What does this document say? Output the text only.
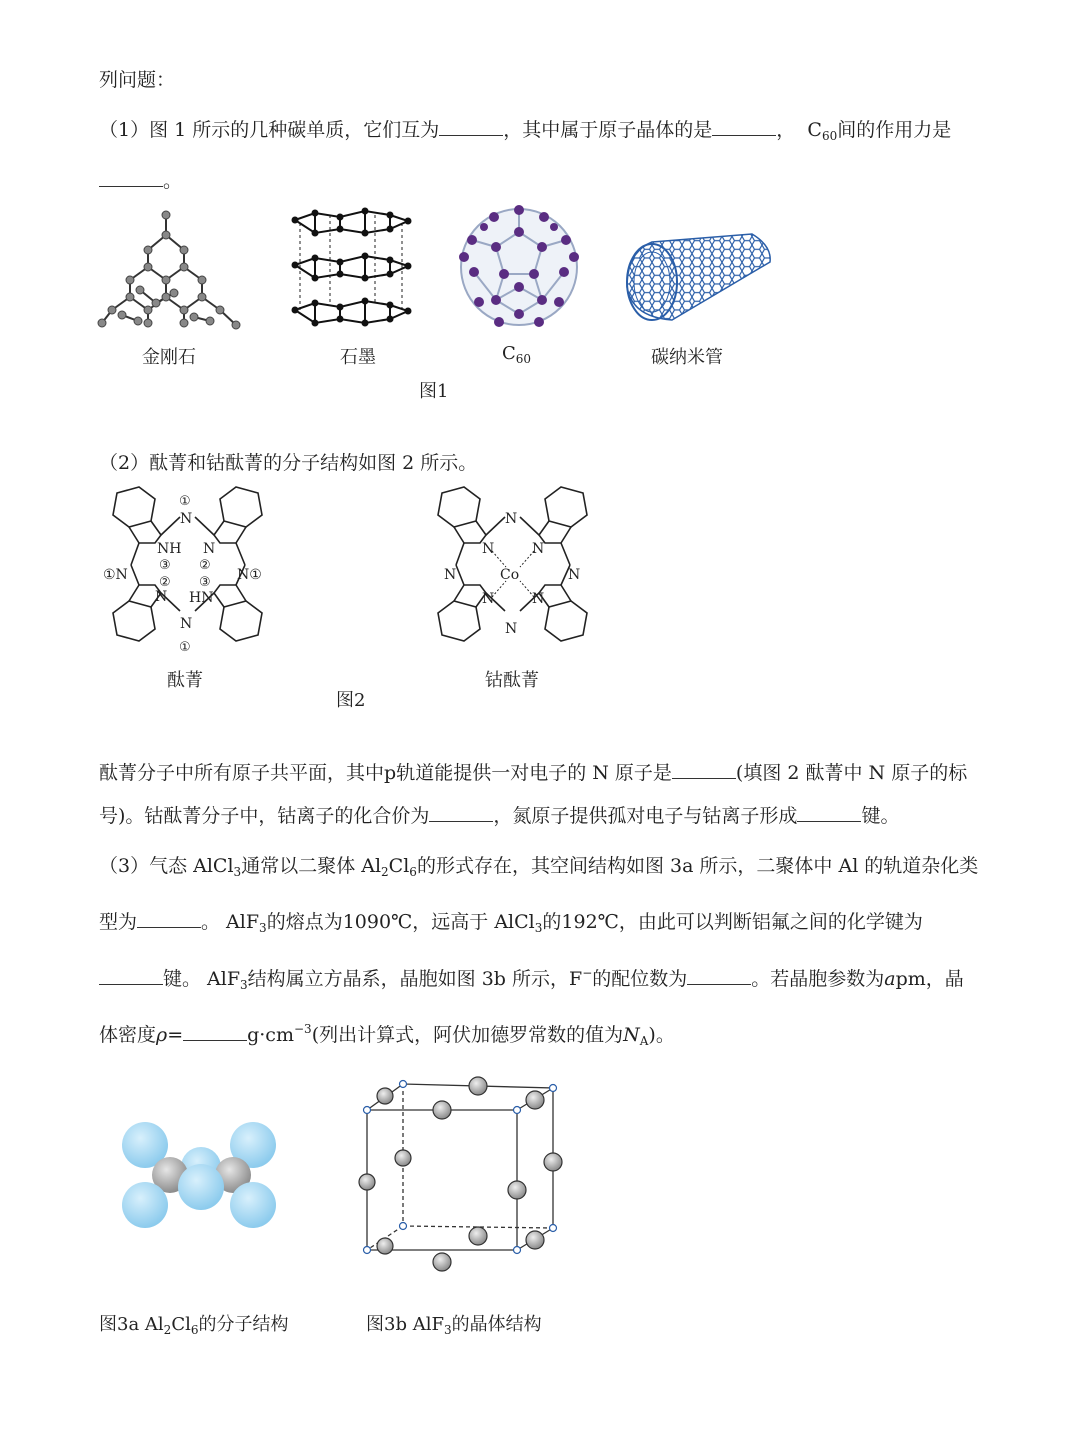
列问题：
（1）图 1 所示的几种碳单质，它们互为	，其中属于原子晶体的是	， $C_{60}$间的作用力是
。
金刚石	石墨	$C_{60}$	碳纳米管
图1
（2）酞菁和钴酞菁的分子结构如图 2 所示。
N
N
NH
HN
N
N
①N	N①
①
①
③
②
②
③
N
N
N	N
N	N
N	N
Co
酞菁	钴酞菁
图2
酞菁分子中所有原子共平面，其中p轨道能提供一对电子的 N 原子是	(填图 2 酞菁中 N 原子的标
号)。钴酞菁分子中，钴离子的化合价为	，氮原子提供孤对电子与钴离子形成	键。
（3）气态 AlCl$_3$通常以二聚体 $Al_2Cl_6$的形式存在，其空间结构如图 3a 所示，二聚体中 Al 的轨道杂化类
型为	。 AlF$_3$的熔点为1090℃，远高于 AlCl$_3$的192℃，由此可以判断铝氟之间的化学键为
键。 AlF$_3$结构属立方晶系，晶胞如图 3b 所示，F−的配位数为	。若晶胞参数为apm，晶
体密度ρ=	$g\cdot cm^{-3}$(列出计算式，阿伏加德罗常数的值为$N_A$)。
图3a $Al_2Cl_6$的分子结构	图3b AlF$_3$的晶体结构
